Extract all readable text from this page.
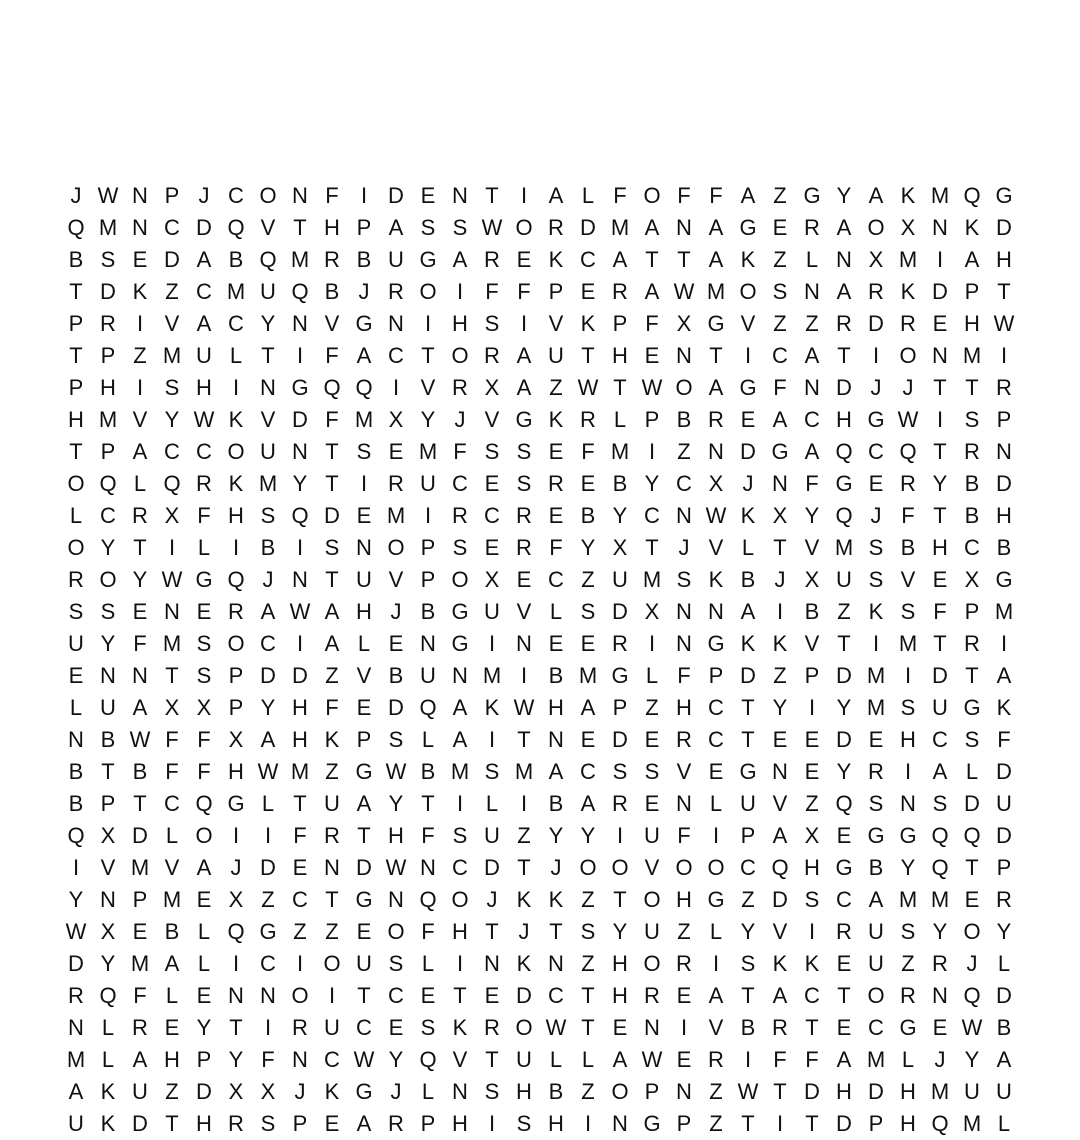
J W N P J C O N F	I D E N T	I A L F O F F A Z G Y A K M Q G
Q M N C D Q V T H P A S S W O R D M A N A G E R A O X N K D
B S E D A B Q M R B U G A R E K C A T T A K Z L N X M I A H
T D K Z C M U Q B J R O I	F F P E R A W M O S N A R K D P T
P R I V A C Y N V G N I H S I V K P F X G V Z Z R D R E H W
T P Z M U L T	I	F A C T O R A U T H E N T	I C A T	I O N M I
P H I S H I N G Q Q I V R X A Z W T W O A G F N D J J T T R
H M V Y W K V D F M X Y J V G K R L P B R E A C H G W I S P
T P A C C O U N T S E M F S S E F M I	Z N D G A Q C Q T R N
O Q L Q R K M Y T	I R U C E S R E B Y C X J N F G E R Y B D
L C R X F H S Q D E M I R C R E B Y C N W K X Y Q J F T B H
O Y T	I	L	I B I S N O P S E R F Y X T J V L T V M S B H C B
R O Y W G Q J N T U V P O X E C Z U M S K B J X U S V E X G
S S E N E R A W A H J B G U V L S D X N N A I B Z K S F P M
U Y F M S O C I A L E N G I N E E R I N G K K V T	I M T R I
E N N T S P D D Z V B U N M I B M G L F P D Z P D M I D T A
L U A X X P Y H F E D Q A K W H A P Z H C T Y I Y M S U G K
N B W F F X A H K P S L A I	T N E D E R C T E E D E H C S F
B T B F F H W M Z G W B M S M A C S S V E G N E Y R I A L D
B P T C Q G L T U A Y T	I	L	I B A R E N L U V Z Q S N S D U
Q X D L O I	I	F R T H F S U Z Y Y I U F	I P A X E G G Q Q D
I V M V A J D E N D W N C D T J O O V O O C Q H G B Y Q T P
Y N P M E X Z C T G N Q O J K K Z T O H G Z D S C A M M E R
W X E B L Q G Z Z E O F H T J T S Y U Z L Y V I R U S Y O Y
D Y M A L	I C I O U S L	I N K N Z H O R I S K K E U Z R J L
R Q F L E N N O I	T C E T E D C T H R E A T A C T O R N Q D
N L R E Y T	I R U C E S K R O W T E N I V B R T E C G E W B
M L A H P Y F N C W Y Q V T U L L A W E R I	F F A M L J Y A
A K U Z D X X J K G J L N S H B Z O P N Z W T D H D H M U U
U K D T H R S P E A R P H I S H I N G P Z T	I	T D P H Q M L
